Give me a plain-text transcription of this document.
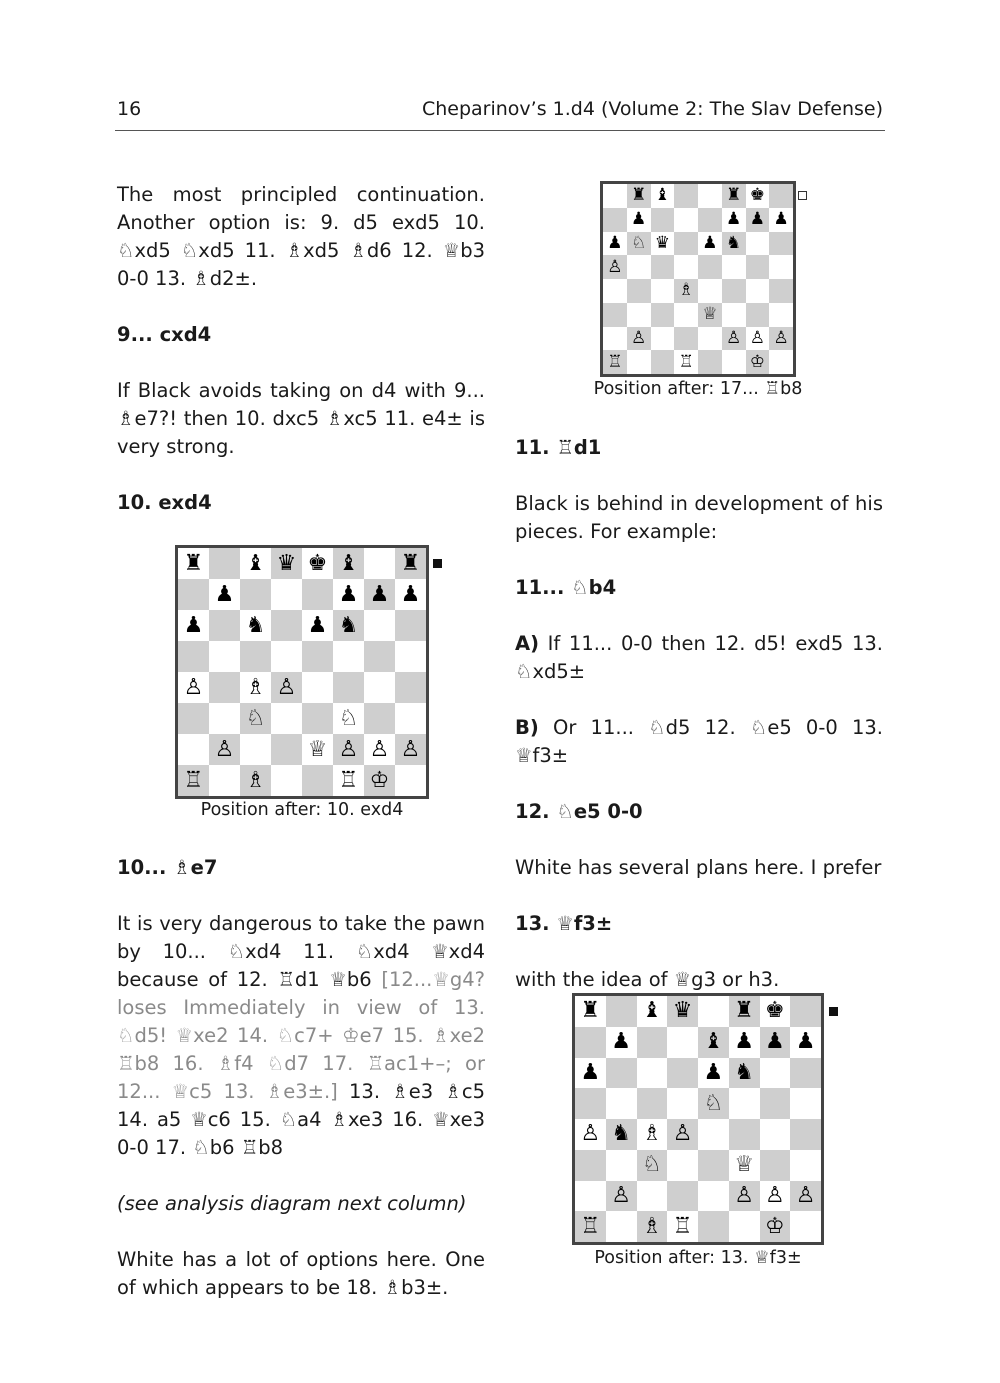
16	Cheparinov’s 1.d4 (Volume 2: The Slav Defense)

The most principled continuation. Another option is: 9. d5 exd5 10. ♘xd5 ♘xd5 11. ♗xd5 ♗d6 12. ♕b3 0-0 13. ♗d2±.

9... cxd4

If Black avoids taking on d4 with 9... ♗e7?! then 10. dxc5 ♗xc5 11. e4± is very strong.

10. exd4

10... ♗e7

It is very dangerous to take the pawn by 10... ♘xd4 11. ♘xd4 ♕xd4 because of 12. ♖d1 ♕b6 [12...♕g4? loses Immediately in view of 13. ♘d5! ♕xe2 14. ♘c7+ ♔e7 15. ♗xe2 ♖b8 16. ♗f4 ♘d7 17. ♖ac1+–; or 12... ♕c5 13. ♗e3±.] 13. ♗e3 ♗c5 14. a5 ♕c6 15. ♘a4 ♗xe3 16. ♕xe3 0-0 17. ♘b6 ♖b8

(see analysis diagram next column)

White has a lot of options here. One of which appears to be 18. ♗b3±.

11. ♖d1

Black is behind in development of his pieces. For example:

11... ♘b4

A) If 11... 0-0 then 12. d5! exd5 13. ♘xd5±

B) Or 11... ♘d5 12. ♘e5 0-0 13. ♕f3±

12. ♘e5 0-0

White has several plans here. I prefer

13. ♕f3±

with the idea of ♕g3 or h3.

♜ ♝ ♛ ♚ ♝ ♜
♟	♟ ♟ ♟
♟ ♞ ♟ ♞
♙ ♗ ♙
♘	♘
♙	♕ ♙ ♙ ♙
♖ ♗	♖ ♔
Position after: 10. exd4
♜ ♝	♜ ♚
♟	♟ ♟ ♟
♟ ♘ ♛ ♟ ♞
♙
♗
♕
♙	♙ ♙ ♙
♖	♖	♔
Position after: 17... ♖b8
♜ ♝ ♛ ♜ ♚
♟	♝ ♟ ♟ ♟
♟	♟ ♞
♘
♙ ♞ ♗ ♙
♘	♕
♙	♙ ♙ ♙
♖ ♗ ♖	♔
Position after: 13. ♕f3±
